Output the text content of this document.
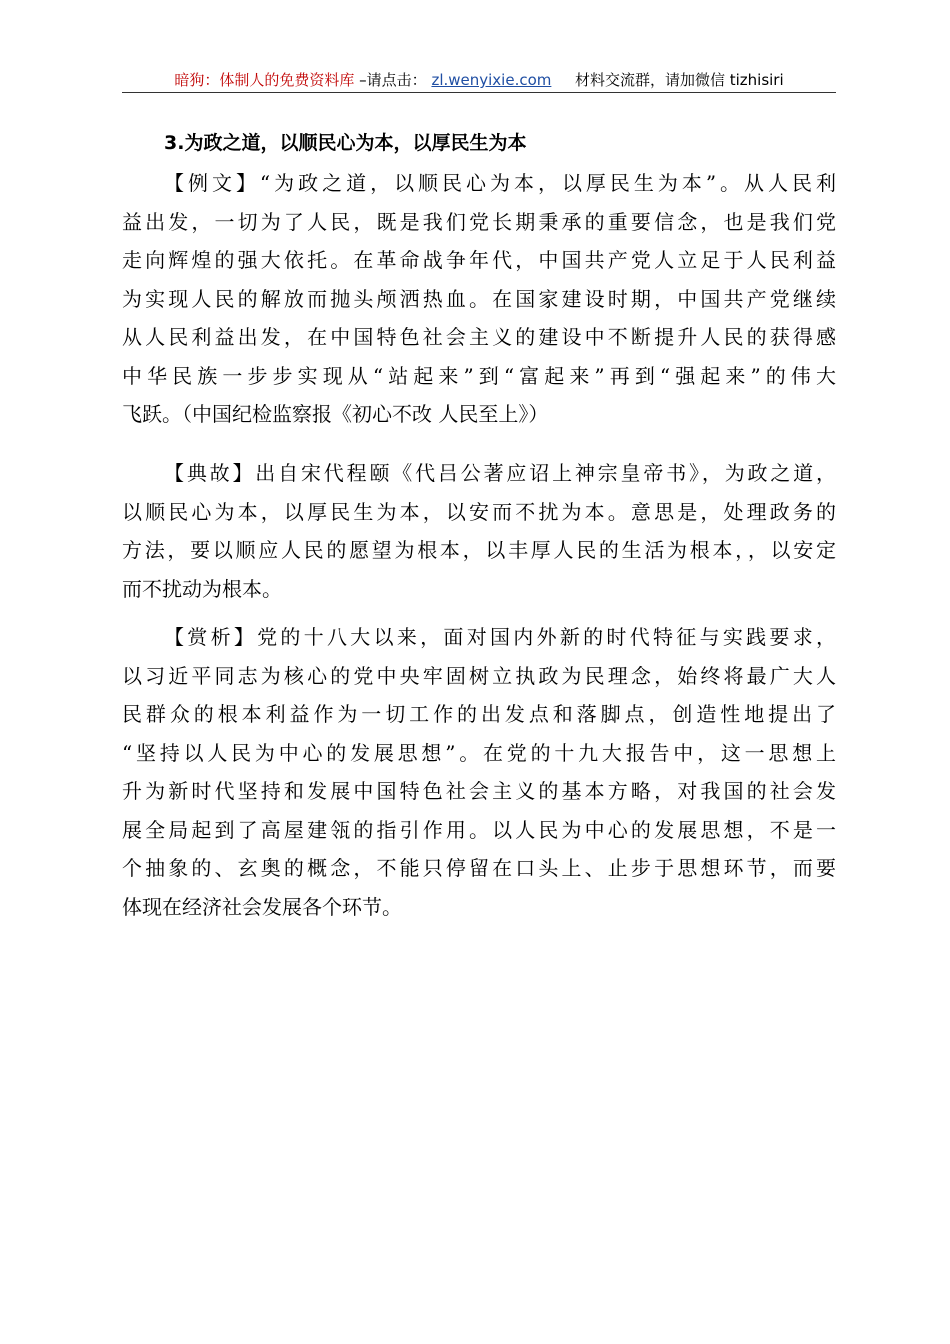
暗狗：体制人的免费资料库 –请点击： zl.wenyixie.com 材料交流群，请加微信 tizhisiri
3.为政之道，以顺民心为本，以厚民生为本
【例文】“为政之道，以顺民心为本，以厚民生为本”。从人民利
益出发，一切为了人民，既是我们党长期秉承的重要信念，也是我们党
走向辉煌的强大依托。在革命战争年代，中国共产党人立足于人民利益
为实现人民的解放而抛头颅洒热血。在国家建设时期，中国共产党继续
从人民利益出发，在中国特色社会主义的建设中不断提升人民的获得感
中华民族一步步实现从“站起来”到“富起来”再到“强起来”的伟大
飞跃。（中国纪检监察报《初心不改 人民至上》）
【典故】出自宋代程颐《代吕公著应诏上神宗皇帝书》，为政之道，
以顺民心为本，以厚民生为本，以安而不扰为本。意思是，处理政务的
方法，要以顺应人民的愿望为根本，以丰厚人民的生活为根本，，以安定
而不扰动为根本。
【赏析】党的十八大以来，面对国内外新的时代特征与实践要求，
以习近平同志为核心的党中央牢固树立执政为民理念，始终将最广大人
民群众的根本利益作为一切工作的出发点和落脚点，创造性地提出了
“坚持以人民为中心的发展思想”。在党的十九大报告中，这一思想上
升为新时代坚持和发展中国特色社会主义的基本方略，对我国的社会发
展全局起到了高屋建瓴的指引作用。以人民为中心的发展思想，不是一
个抽象的、玄奥的概念，不能只停留在口头上、止步于思想环节，而要
体现在经济社会发展各个环节。
